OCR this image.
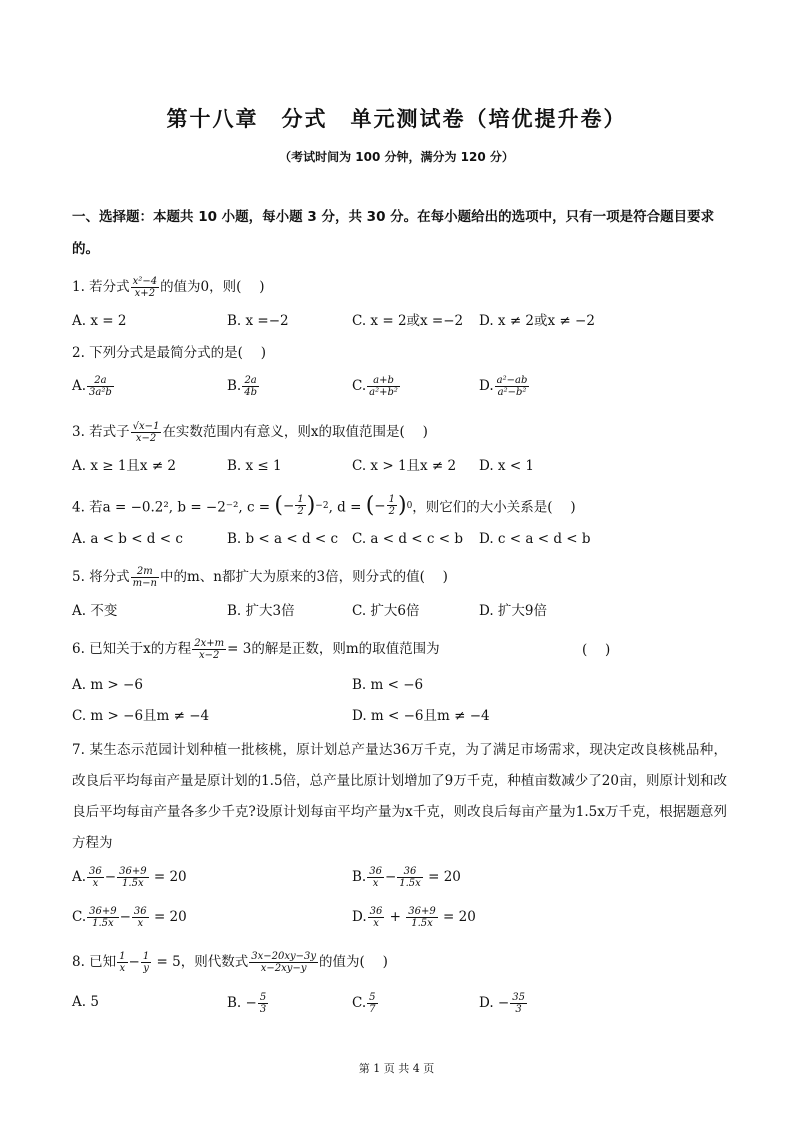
第十八章　分式　单元测试卷（培优提升卷）
（考试时间为 100 分钟，满分为 120 分）
一、选择题：本题共 10 小题，每小题 3 分，共 30 分。在每小题给出的选项中，只有一项是符合题目要求的。
1. 若分式 $\frac{\text{x²−4}}{x+2}$ 的值为0，则(　 )
A. x = 2	B. x =−2	C. x = 2或x =−2 D. x ≠ 2或x ≠ −2
2. 下列分式是最简分式的是(　 )
A. $\frac{2a}{\text{3a²b}}$	B. $\frac{2a}{4b}$	C. $\frac{a+b}{\text{a²+b²}}$	D. $\frac{\text{a²−ab}}{\text{a²−b²}}$
3. 若式子 $\frac{√x-1}{x-2}$ 在实数范围内有意义，则x的取值范围是(　 )
A. x ≥ 1且x ≠ 2	B. x ≤ 1	C. x > 1且x ≠ 2 D. x < 1
4. 若a = −0.2², b = −2⁻², c = ( − $\frac{1}{2}$ ) −2 , d = ( − $\frac{1}{2}$ ) 0 ，则它们的大小关系是(　 )
A. a < b < d < c	B. b < a < d < c C. a < d < c < b D. c < a < d < b
5. 将分式 $\frac{2m}{m-n}$ 中的m、n都扩大为原来的3倍，则分式的值(　 )
A. 不变	B. 扩大3倍	C. 扩大6倍	D. 扩大9倍
6. 已知关于x的方程 $\frac{2x+m}{x-2} = 3$的解是正数，则m的取值范围为	(　 )
A. m > −6	B. m < −6
C. m > −6且m ≠ −4	D. m < −6且m ≠ −4
7. 某生态示范园计划种植一批核桃，原计划总产量达36万千克，为了满足市场需求，现决定改良核桃品种，改良后平均每亩产量是原计划的1.5倍，总产量比原计划增加了9万千克，种植亩数减少了20亩，则原计划和改良后平均每亩产量各多少千克?设原计划每亩平均产量为x千克，则改良后每亩产量为1.5x万千克，根据题意列方程为
A. $\frac{36}{x} - \frac{36+9}{1.5x} = 20$	B. $\frac{36}{x} - \frac{36}{1.5x} = 20$
C. $\frac{36+9}{1.5x} - \frac{36}{x} = 20$	D. $\frac{36}{x} + \frac{36+9}{1.5x} = 20$
8. 已知 $\frac{1}{x} - \frac{1}{y} = 5$，则代数式 $\frac{3x-20xy-3y}{x-2xy-y}$ 的值为(　 )
A. 5	B. − $\frac{5}{3}$	C. $\frac{5}{7}$	D. − $\frac{35}{3}$
第 1 页 共 4 页
